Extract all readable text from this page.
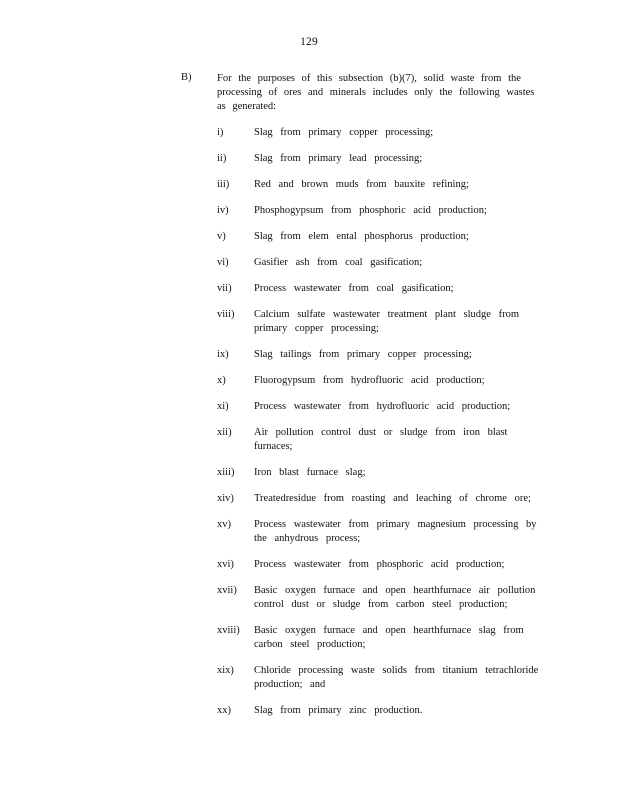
129
B) For the purposes of this subsection (b)(7), solid waste from the processing of ores and minerals includes only the following wastes as generated:
i)	Slag from primary copper processing;
ii)	Slag from primary lead processing;
iii)	Red and brown muds from bauxite refining;
iv)	Phosphogypsum from phosphoric acid production;
v)	Slag from elem ental phosphorus production;
vi)	Gasifier ash from coal gasification;
vii)	Process wastewater from coal gasification;
viii)	Calcium sulfate wastewater treatment plant sludge from primary copper processing;
ix)	Slag tailings from primary copper processing;
x)	Fluorogypsum from hydrofluoric acid production;
xi)	Process wastewater from hydrofluoric acid production;
xii)	Air pollution control dust or sludge from iron blast furnaces;
xiii)	Iron blast furnace slag;
xiv)	Treatedresidue from roasting and leaching of chrome ore;
xv)	Process wastewater from primary magnesium processing by the anhydrous process;
xvi)	Process wastewater from phosphoric acid production;
xvii)	Basic oxygen furnace and open hearthfurnace air pollution control dust or sludge from carbon steel production;
xviii)	Basic oxygen furnace and open hearthfurnace slag from carbon steel production;
xix)	Chloride processing waste solids from titanium tetrachloride production; and
xx)	Slag from primary zinc production.
